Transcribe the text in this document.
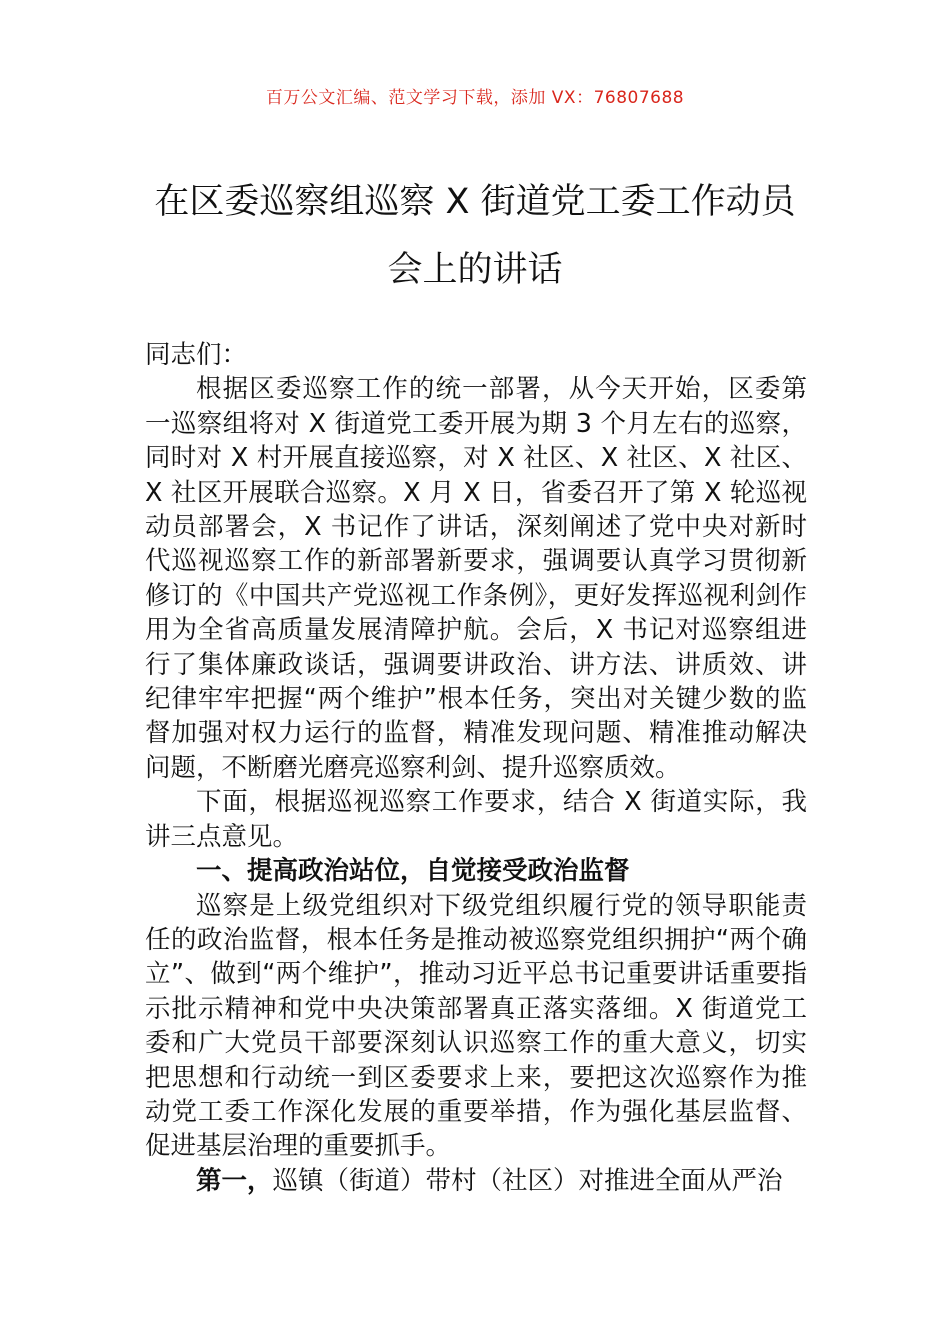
百万公文汇编、范文学习下载，添加 VX：76807688
在区委巡察组巡察 X 街道党工委工作动员
会上的讲话

同志们：

根据区委巡察工作的统一部署，从今天开始，区委第一巡察组将对 X 街道党工委开展为期 3 个月左右的巡察，同时对 X 村开展直接巡察，对 X 社区、X 社区、X 社区、X 社区开展联合巡察。X 月 X 日，省委召开了第 X 轮巡视动员部署会，X 书记作了讲话，深刻阐述了党中央对新时代巡视巡察工作的新部署新要求，强调要认真学习贯彻新修订的《中国共产党巡视工作条例》，更好发挥巡视利剑作用为全省高质量发展清障护航。会后，X 书记对巡察组进行了集体廉政谈话，强调要讲政治、讲方法、讲质效、讲纪律牢牢把握“两个维护”根本任务，突出对关键少数的监督加强对权力运行的监督，精准发现问题、精准推动解决问题，不断磨光磨亮巡察利剑、提升巡察质效。

下面，根据巡视巡察工作要求，结合 X 街道实际，我讲三点意见。

一、提高政治站位，自觉接受政治监督

巡察是上级党组织对下级党组织履行党的领导职能责任的政治监督，根本任务是推动被巡察党组织拥护“两个确立”、做到“两个维护”，推动习近平总书记重要讲话重要指示批示精神和党中央决策部署真正落实落细。X 街道党工委和广大党员干部要深刻认识巡察工作的重大意义，切实把思想和行动统一到区委要求上来，要把这次巡察作为推动党工委工作深化发展的重要举措，作为强化基层监督、促进基层治理的重要抓手。

第一，巡镇（街道）带村（社区）对推进全面从严治
